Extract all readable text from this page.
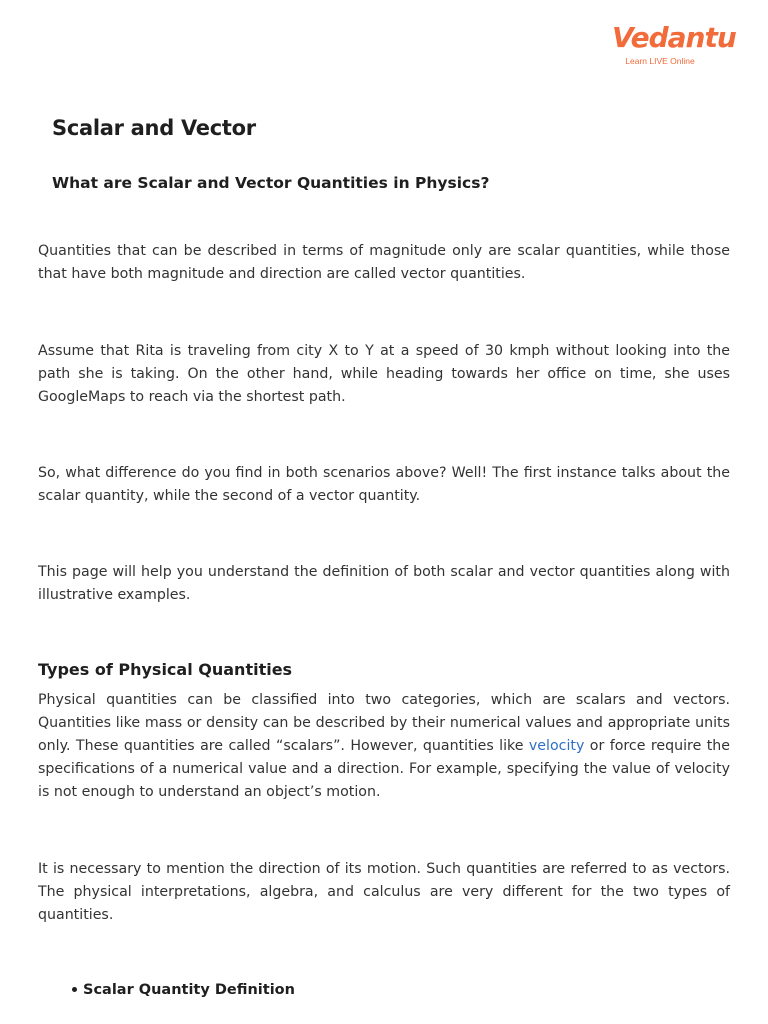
Vedantu
Learn LIVE Online
Scalar and Vector
What are Scalar and Vector Quantities in Physics?

Quantities that can be described in terms of magnitude only are scalar quantities, while those that have both magnitude and direction are called vector quantities.

Assume that Rita is traveling from city X to Y at a speed of 30 kmph without looking into the path she is taking. On the other hand, while heading towards her office on time, she uses GoogleMaps to reach via the shortest path.

So, what difference do you find in both scenarios above? Well! The first instance talks about the scalar quantity, while the second of a vector quantity.

This page will help you understand the definition of both scalar and vector quantities along with illustrative examples.

Types of Physical Quantities

Physical quantities can be classified into two categories, which are scalars and vectors. Quantities like mass or density can be described by their numerical values and appropriate units only. These quantities are called “scalars”. However, quantities like velocity or force require the specifications of a numerical value and a direction. For example, specifying the value of velocity is not enough to understand an object’s motion.

It is necessary to mention the direction of its motion. Such quantities are referred to as vectors. The physical interpretations, algebra, and calculus are very different for the two types of quantities.

Scalar Quantity Definition
